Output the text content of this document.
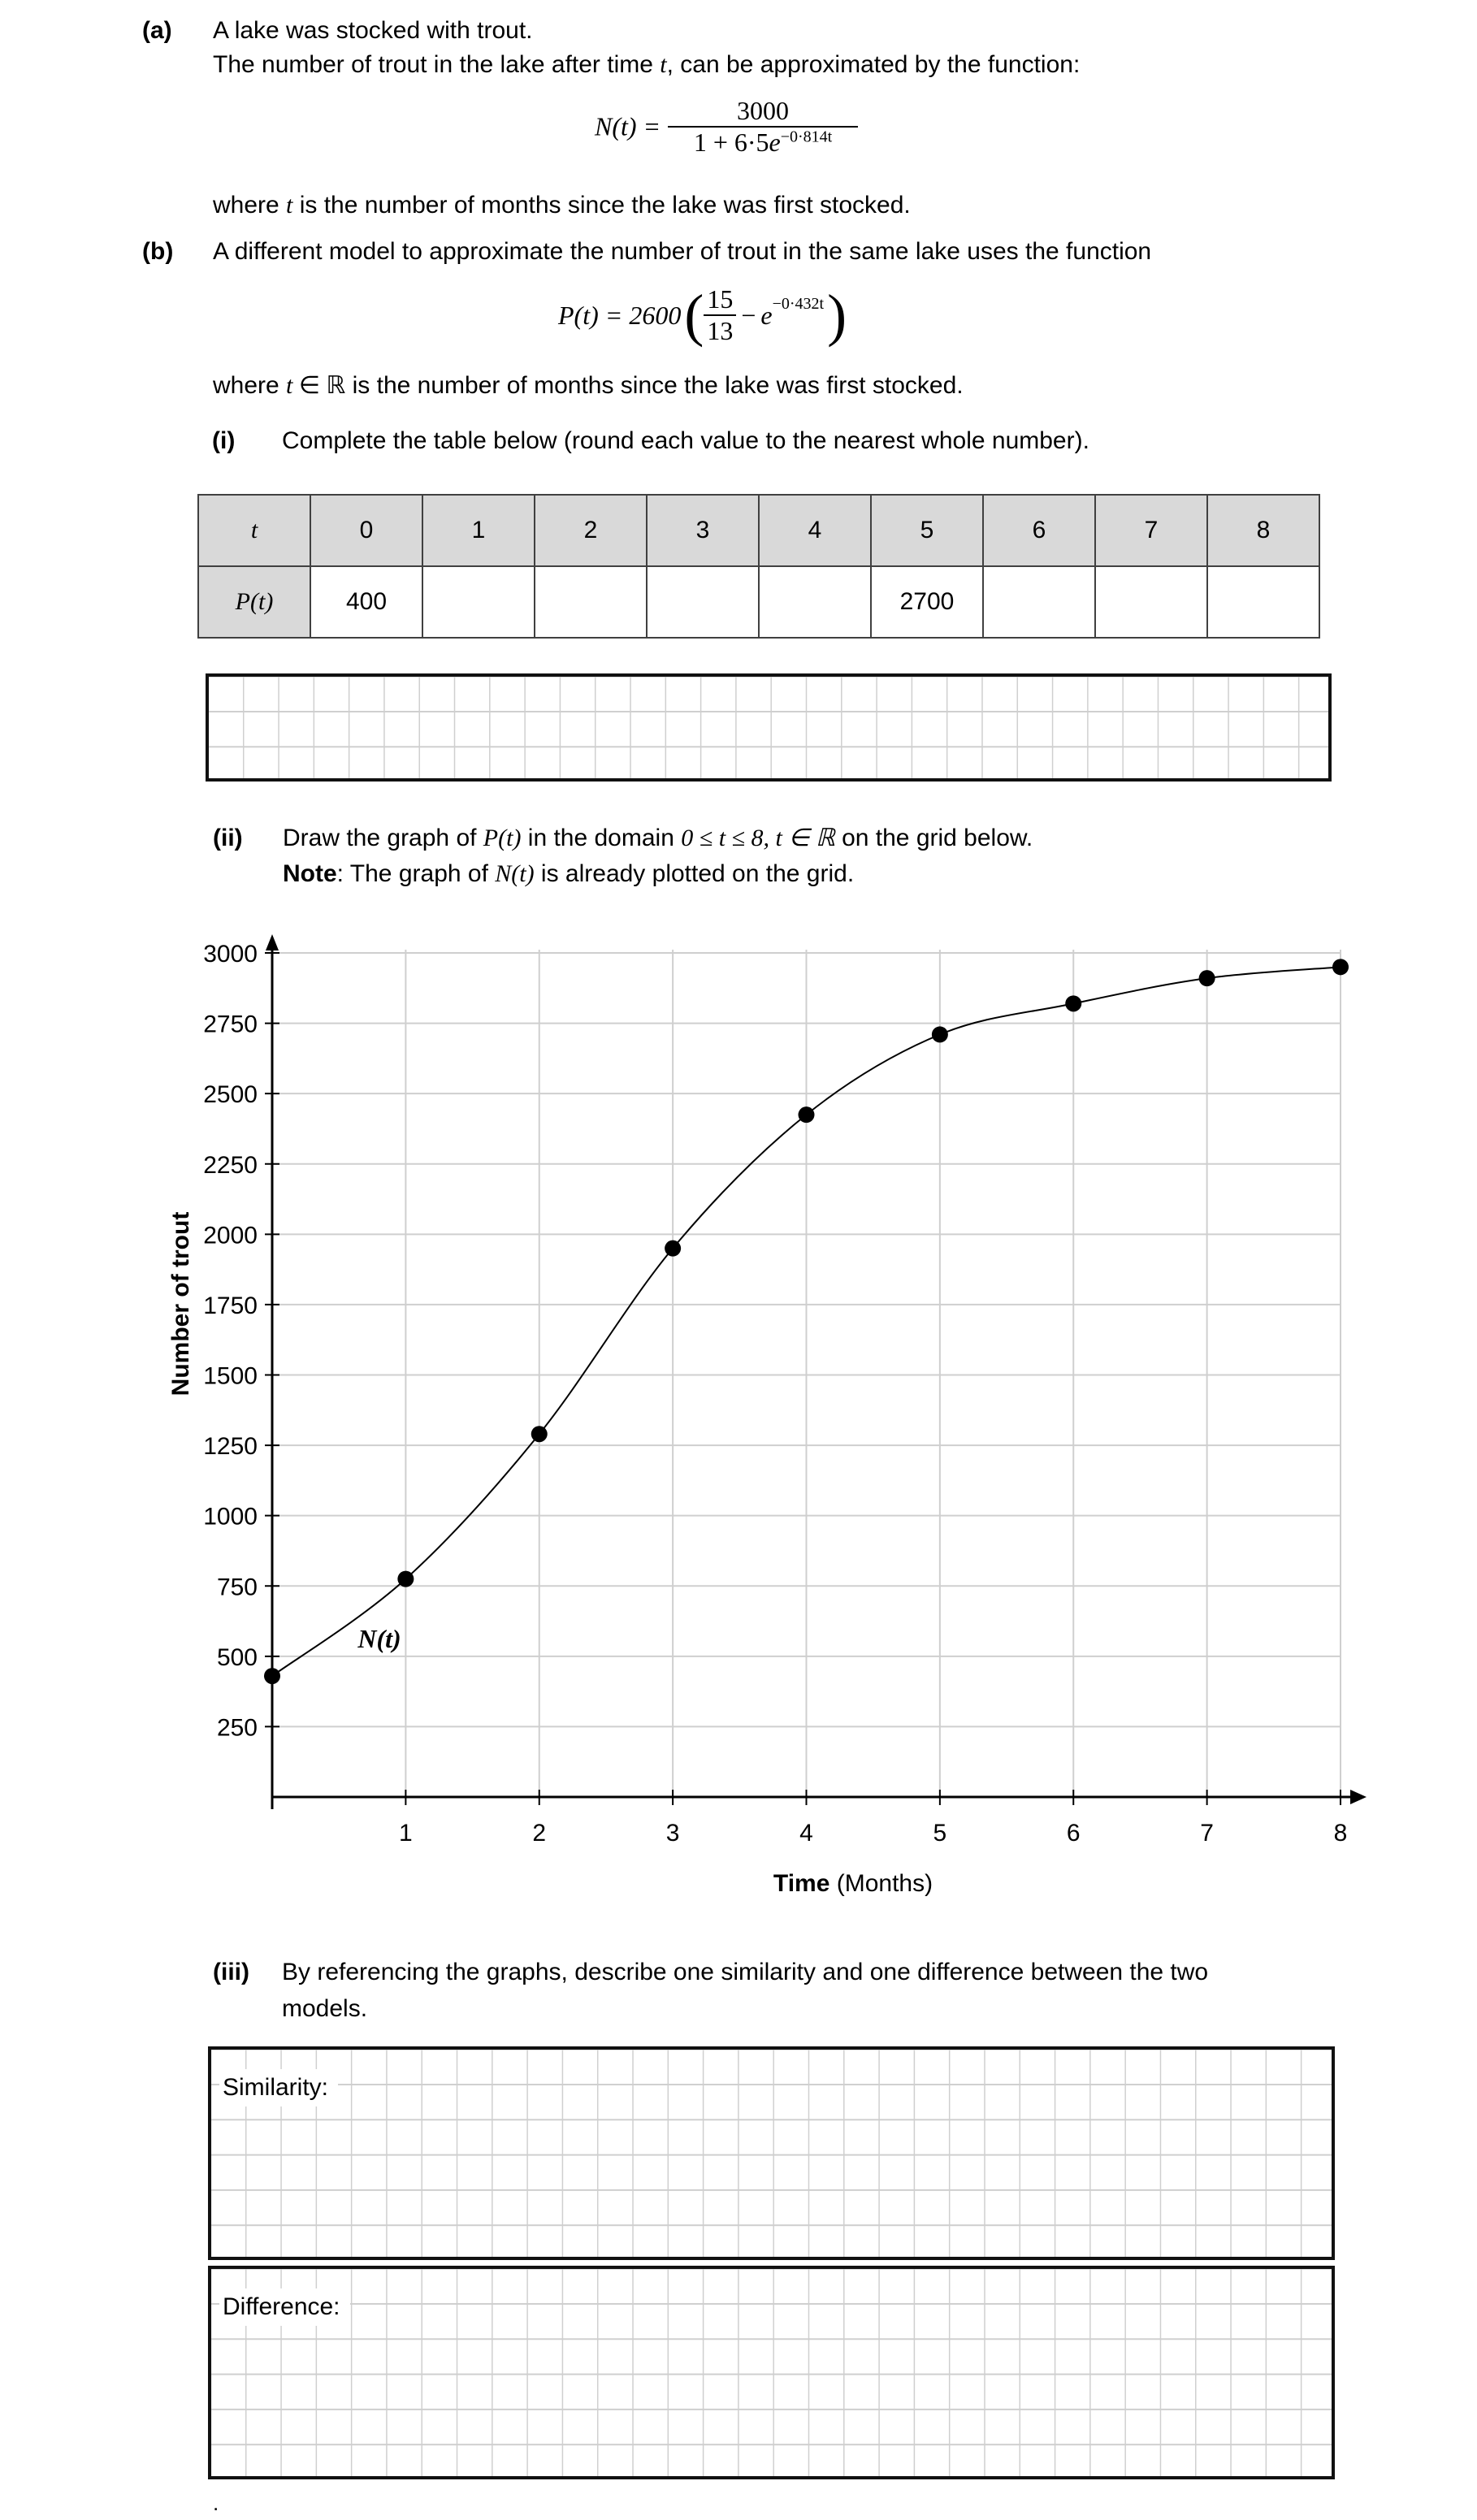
(a) A lake was stocked with trout.
The number of trout in the lake after time t, can be approximated by the function:
$N(t) = \frac{3000}{1 + 6\cdot 5e^{-0\cdot 814t}}$
where t is the number of months since the lake was first stocked.
(b) A different model to approximate the number of trout in the same lake uses the function
P(t) = 2600 ( $\frac{15}{13} - e^{-0\cdot 432t}$ )
where t ∈ ℝ is the number of months since the lake was first stocked.
(i) Complete the table below (round each value to the nearest whole number).
t	0	1	2	3	4	5	6	7	8
P(t)	400					2700			
(ii) Draw the graph of P(t) in the domain 0 ≤ t ≤ 8, t ∈ ℝ on the grid below.
Note: The graph of N(t) is already plotted on the grid.
1	2	3	4	5	6	7	8
250
500
750
1000
1250
1500
1750
2000
2250
2500
2750
3000
Number of trout
Time (Months)
N(t)
(iii) By referencing the graphs, describe one similarity and one difference between the two
models.
Similarity:
Difference:
.
